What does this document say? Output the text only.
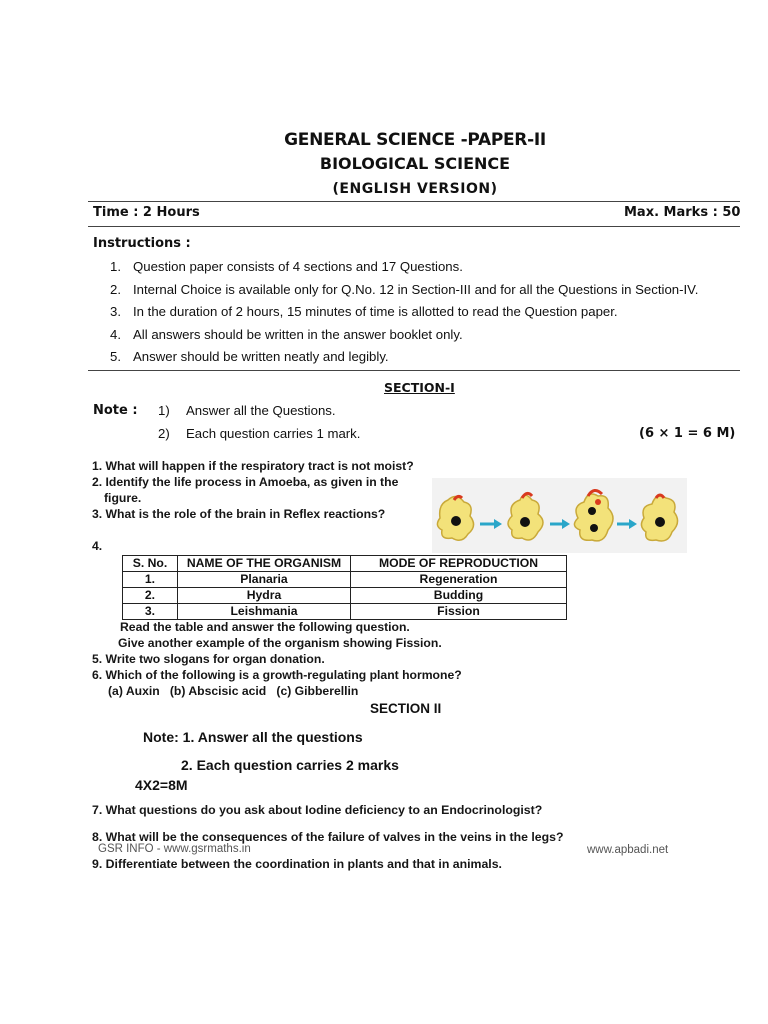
GENERAL SCIENCE -PAPER-II
BIOLOGICAL SCIENCE
(ENGLISH VERSION)
Time : 2 Hours	Max. Marks : 50
Instructions :
1. Question paper consists of 4 sections and 17 Questions.
2. Internal Choice is available only for Q.No. 12 in Section-III and for all the Questions in Section-IV.
3. In the duration of 2 hours, 15 minutes of time is allotted to read the Question paper.
4. All answers should be written in the answer booklet only.
5. Answer should be written neatly and legibly.
SECTION-I
Note : 1) Answer all the Questions.
2) Each question carries 1 mark.	(6 × 1 = 6 M)
1. What will happen if the respiratory tract is not moist?
2. Identify the life process in Amoeba, as given in the
figure.
3. What is the role of the brain in Reflex reactions?
4.
S. No.	NAME OF THE ORGANISM	MODE OF REPRODUCTION
1.	Planaria	Regeneration
2.	Hydra	Budding
3.	Leishmania	Fission
Read the table and answer the following question.
Give another example of the organism showing Fission.
5. Write two slogans for organ donation.
6. Which of the following is a growth-regulating plant hormone?
(a) Auxin   (b) Abscisic acid   (c) Gibberellin
SECTION II
Note: 1. Answer all the questions
2. Each question carries 2 marks
4X2=8M
7. What questions do you ask about Iodine deficiency to an Endocrinologist?
8. What will be the consequences of the failure of valves in the veins in the legs?
GSR INFO - www.gsrmaths.in	www.apbadi.net
9. Differentiate between the coordination in plants and that in animals.
